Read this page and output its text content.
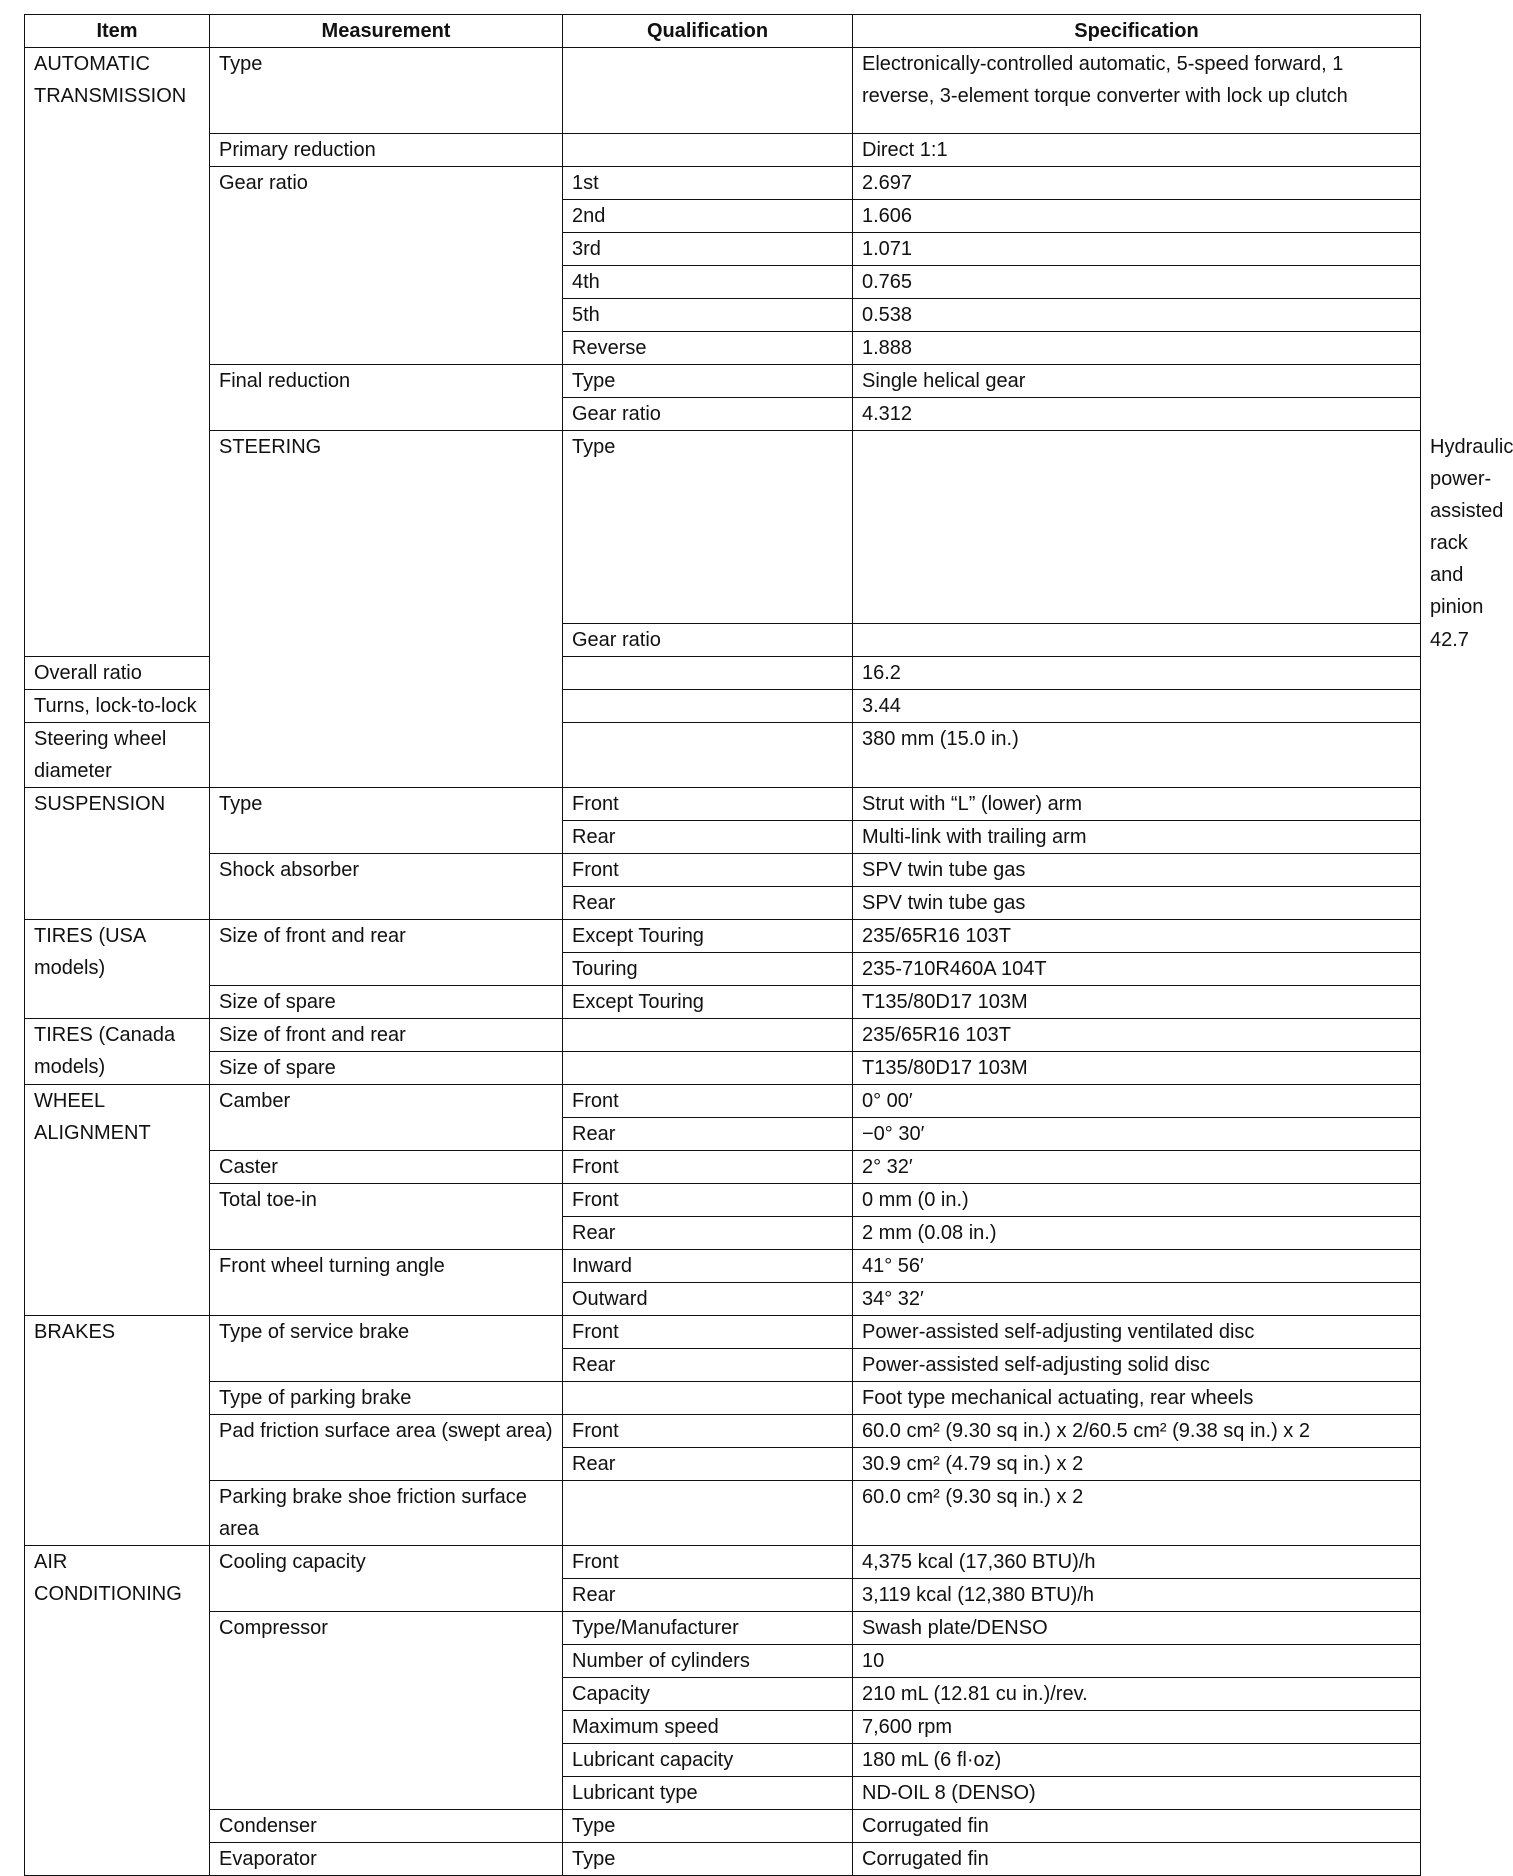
Item	Measurement	Qualification	Specification	
AUTOMATIC TRANSMISSION	Type		Electronically-controlled automatic, 5-speed forward, 1 reverse, 3-element torque converter with lock up clutch	
	Primary reduction		Direct 1:1	
	Gear ratio	1st	2.697	
		2nd	1.606	
		3rd	1.071	
		4th	0.765	
		5th	0.538	
		Reverse	1.888	
	Final reduction	Type	Single helical gear	
		Gear ratio	4.312	
	STEERING	Type		Hydraulic power-assisted rack and pinion
		Gear ratio		42.7
Overall ratio			16.2	
Turns, lock-to-lock			3.44	
Steering wheel diameter			380 mm (15.0 in.)	
SUSPENSION	Type	Front	Strut with “L” (lower) arm	
		Rear	Multi-link with trailing arm	
	Shock absorber	Front	SPV twin tube gas	
		Rear	SPV twin tube gas	
TIRES (USA models)	Size of front and rear	Except Touring	235/65R16 103T	
		Touring	235-710R460A 104T	
	Size of spare	Except Touring	T135/80D17 103M	
TIRES (Canada models)	Size of front and rear		235/65R16 103T	
	Size of spare		T135/80D17 103M	
WHEEL ALIGNMENT	Camber	Front	0° 00′	
		Rear	−0° 30′	
	Caster	Front	2° 32′	
	Total toe-in	Front	0 mm (0 in.)	
		Rear	2 mm (0.08 in.)	
	Front wheel turning angle	Inward	41° 56′	
		Outward	34° 32′	
BRAKES	Type of service brake	Front	Power-assisted self-adjusting ventilated disc	
		Rear	Power-assisted self-adjusting solid disc	
	Type of parking brake		Foot type mechanical actuating, rear wheels	
	Pad friction surface area (swept area)	Front	60.0 cm² (9.30 sq in.) x 2/60.5 cm² (9.38 sq in.) x 2	
		Rear	30.9 cm² (4.79 sq in.) x 2	
	Parking brake shoe friction surface area		60.0 cm² (9.30 sq in.) x 2	
AIR CONDITIONING	Cooling capacity	Front	4,375 kcal (17,360 BTU)/h	
		Rear	3,119 kcal (12,380 BTU)/h	
	Compressor	Type/Manufacturer	Swash plate/DENSO	
		Number of cylinders	10	
		Capacity	210 mL (12.81 cu in.)/rev.	
		Maximum speed	7,600 rpm	
		Lubricant capacity	180 mL (6 fl·oz)	
		Lubricant type	ND-OIL 8 (DENSO)	
	Condenser	Type	Corrugated fin	
	Evaporator	Type	Corrugated fin	
